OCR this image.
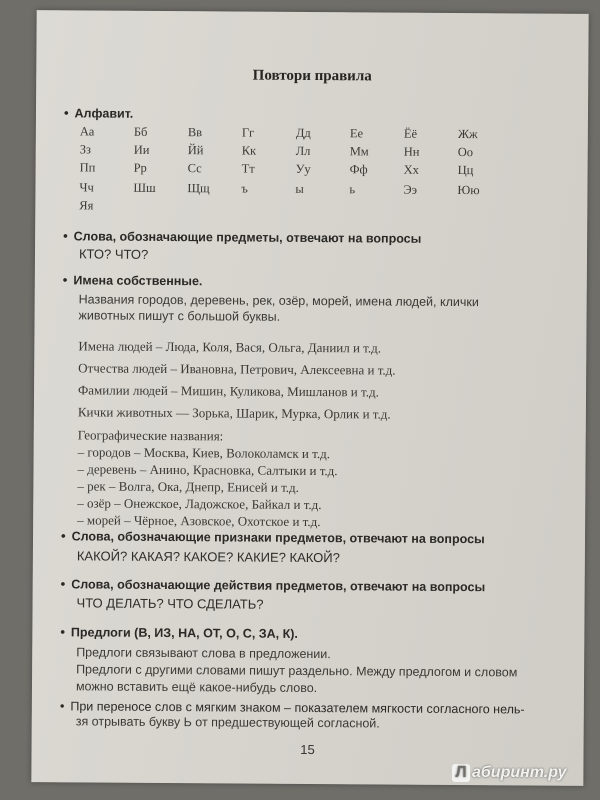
Повтори правила
• Алфавит.
Аа	Бб	Вв	Гг	Дд	Ее	Ёё	Жж
Зз	Ии	Йй	Кк	Лл	Мм	Нн	Оо
Пп	Рр	Сс	Тт	Уу	Фф	Хх	Цц
Чч	Шш	Щщ	ъ	ы	ь	Ээ	Юю
Яя
• Слова, обозначающие предметы, отвечают на вопросы
КТО? ЧТО?
• Имена собственные.
Названия городов, деревень, рек, озёр, морей, имена людей, клички
животных пишут с большой буквы.
Имена людей – Люда, Коля, Вася, Ольга, Даниил и т.д.
Отчества людей – Ивановна, Петрович, Алексеевна и т.д.
Фамилии людей – Мишин, Куликова, Мишланов и т.д.
Кички животных — Зорька, Шарик, Мурка, Орлик и т.д.
Географические названия:
– городов – Москва, Киев, Волоколамск и т.д.
– деревень – Анино, Красновка, Салтыки и т.д.
– рек – Волга, Ока, Днепр, Енисей и т.д.
– озёр – Онежское, Ладожское, Байкал и т.д.
– морей – Чёрное, Азовское, Охотское и т.д.
• Слова, обозначающие признаки предметов, отвечают на вопросы
КАКОЙ? КАКАЯ? КАКОЕ? КАКИЕ? КАКОЙ?
• Слова, обозначающие действия предметов, отвечают на вопросы
ЧТО ДЕЛАТЬ? ЧТО СДЕЛАТЬ?
• Предлоги (В, ИЗ, НА, ОТ, О, С, ЗА, К).
Предлоги связывают слова в предложении.
Предлоги с другими словами пишут раздельно. Между предлогом и словом
можно вставить ещё какое-нибудь слово.
• При переносе слов с мягким знаком – показателем мягкости согласного нель-
зя отрывать букву Ь от предшествующей согласной.
15
Л абиринт.ру
